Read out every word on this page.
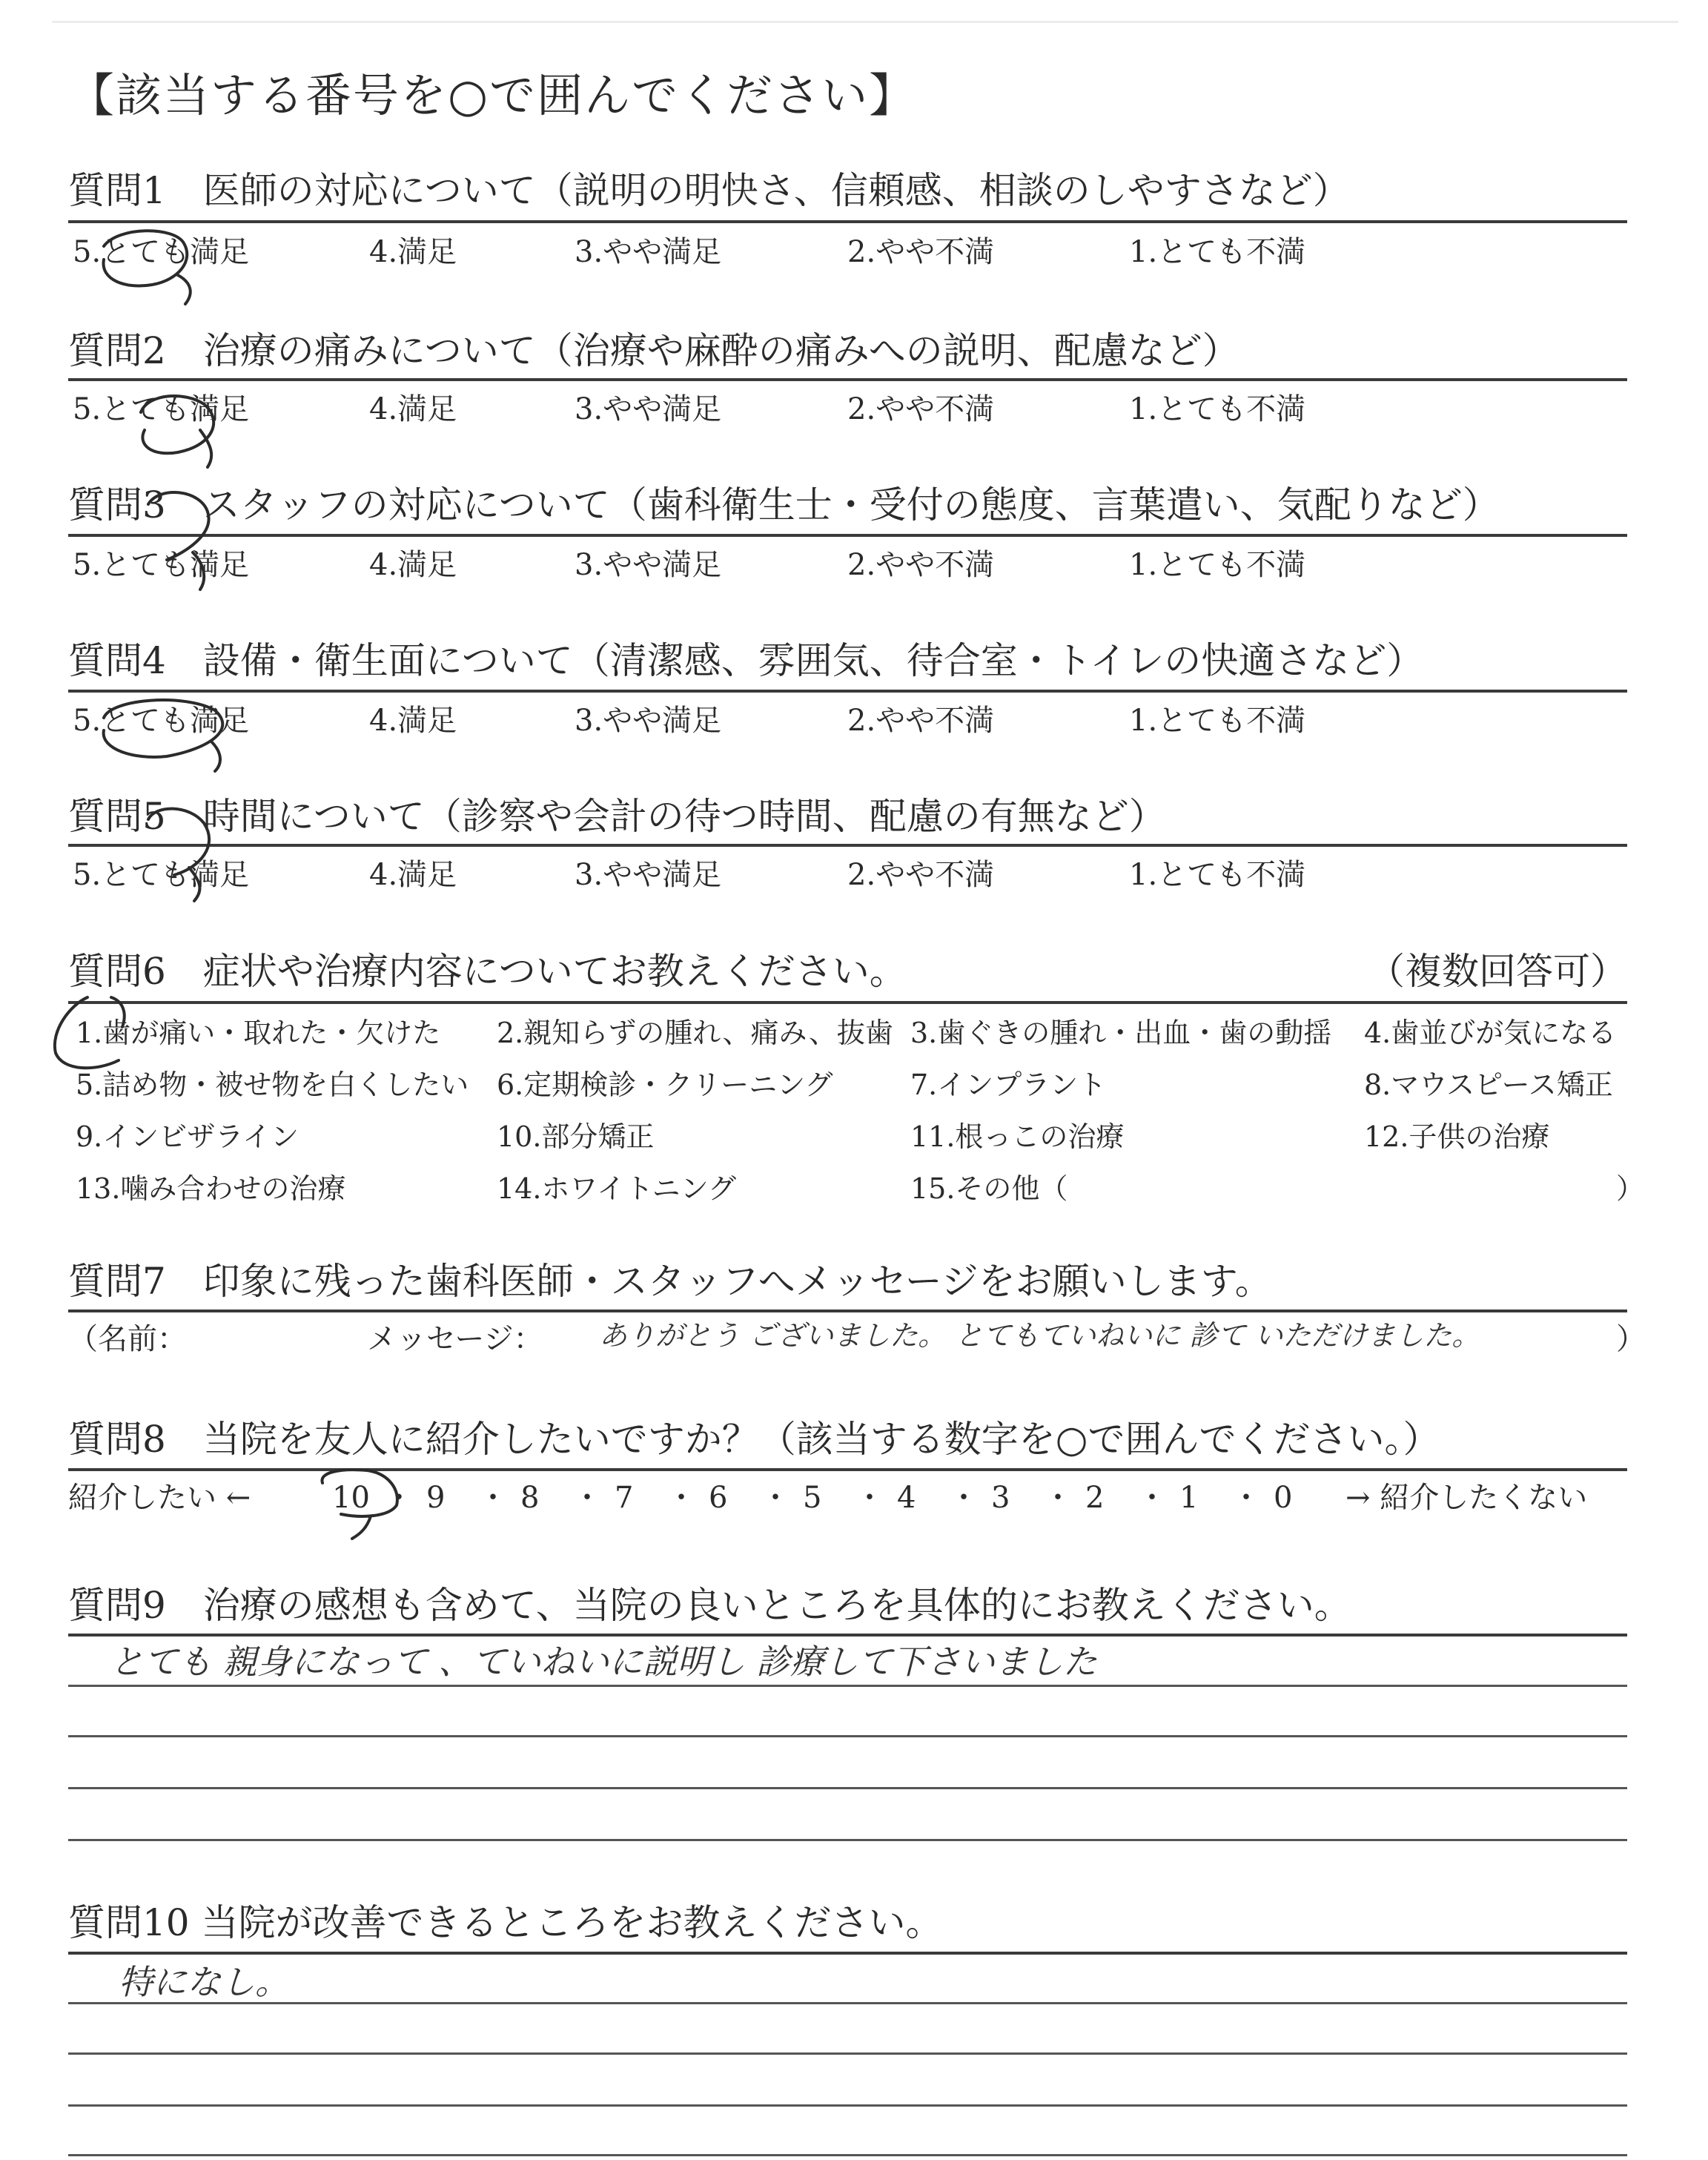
【該当する番号を○で囲んでください】
質問1　医師の対応について（説明の明快さ、信頼感、相談のしやすさなど）
5.とても満足	4.満足	3.やや満足	2.やや不満	1.とても不満
質問2　治療の痛みについて（治療や麻酔の痛みへの説明、配慮など）
5.とても満足	4.満足	3.やや満足	2.やや不満	1.とても不満
質問3　スタッフの対応について（歯科衛生士・受付の態度、言葉遣い、気配りなど）
5.とても満足	4.満足	3.やや満足	2.やや不満	1.とても不満
質問4　設備・衛生面について（清潔感、雰囲気、待合室・トイレの快適さなど）
5.とても満足	4.満足	3.やや満足	2.やや不満	1.とても不満
質問5　時間について（診察や会計の待つ時間、配慮の有無など）
5.とても満足	4.満足	3.やや満足	2.やや不満	1.とても不満
質問6　症状や治療内容についてお教えください。	（複数回答可）
1.歯が痛い・取れた・欠けた 2.親知らずの腫れ、痛み、抜歯 3.歯ぐきの腫れ・出血・歯の動揺 4.歯並びが気になる
5.詰め物・被せ物を白くしたい 6.定期検診・クリーニング	7.インプラント	8.マウスピース矯正
9.インビザライン	10.部分矯正	11.根っこの治療	12.子供の治療
13.噛み合わせの治療	14.ホワイトニング	15.その他（	）
質問7　印象に残った歯科医師・スタッフへメッセージをお願いします。
（名前：	メッセージ： ありがとう ございました。 とてもていねいに 診て いただけました。	）
質問8　当院を友人に紹介したいですか？（該当する数字を○で囲んでください。）
紹介したい ←	10 ・ 9 ・ 8 ・ 7 ・ 6 ・ 5 ・ 4 ・ 3 ・ 2 ・ 1 ・ 0 → 紹介したくない
質問9　治療の感想も含めて、当院の良いところを具体的にお教えください。
とても 親身になって 、ていねいに説明し 診療して下さいました
質問10 当院が改善できるところをお教えください。
特になし。
